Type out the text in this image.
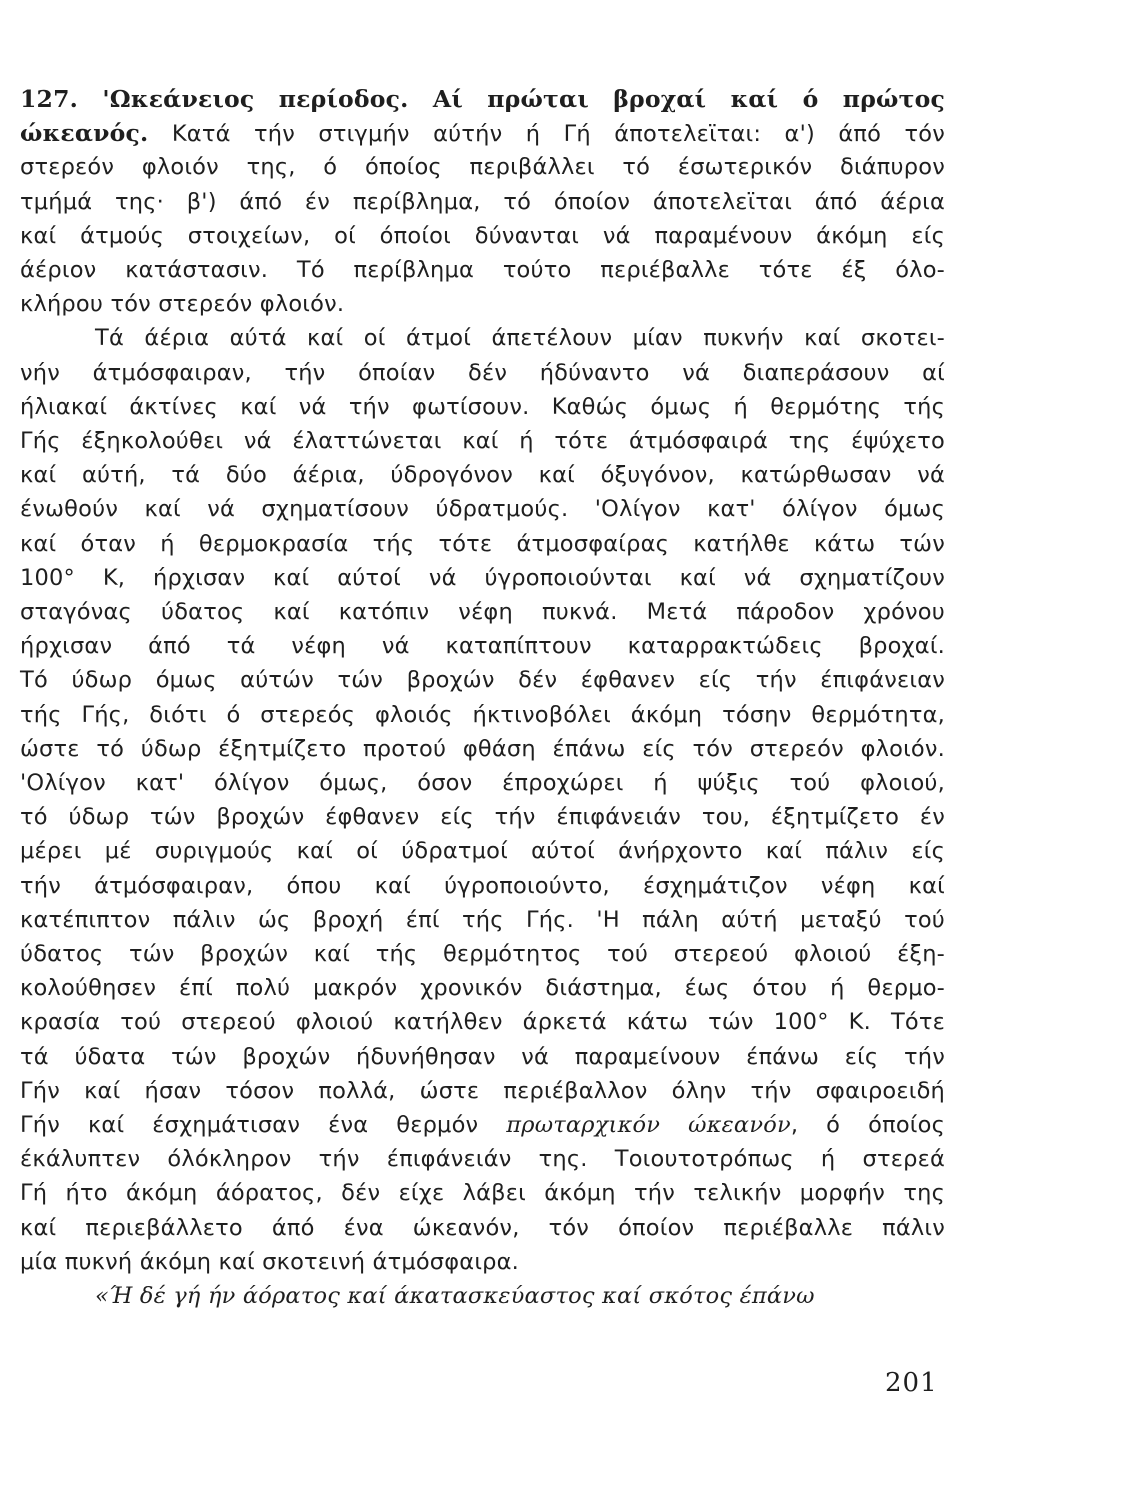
127. 'Ωκεάνειος περίοδος. Αί πρώται βροχαί καί ό πρώτος
ώκεανός. Κατά τήν στιγμήν αύτήν ή Γή άποτελεϊται: α') άπό τόν
στερεόν φλοιόν της, ό όποίος περιβάλλει τό έσωτερικόν διάπυρον
τμήμά της· β') άπό έν περίβλημα, τό όποίον άποτελεϊται άπό άέρια
καί άτμούς στοιχείων, οί όποίοι δύνανται νά παραμένουν άκόμη είς
άέριον κατάστασιν. Τό περίβλημα τούτο περιέβαλλε τότε έξ όλο-
κλήρου τόν στερεόν φλοιόν.
Τά άέρια αύτά καί οί άτμοί άπετέλουν μίαν πυκνήν καί σκοτει-
νήν άτμόσφαιραν, τήν όποίαν δέν ήδύναντο νά διαπεράσουν αί
ήλιακαί άκτίνες καί νά τήν φωτίσουν. Καθώς όμως ή θερμότης τής
Γής έξηκολούθει νά έλαττώνεται καί ή τότε άτμόσφαιρά της έψύχετο
καί αύτή, τά δύο άέρια, ύδρογόνον καί όξυγόνον, κατώρθωσαν νά
ένωθούν καί νά σχηματίσουν ύδρατμούς. 'Ολίγον κατ' όλίγον όμως
καί όταν ή θερμοκρασία τής τότε άτμοσφαίρας κατήλθε κάτω τών
100° Κ, ήρχισαν καί αύτοί νά ύγροποιούνται καί νά σχηματίζουν
σταγόνας ύδατος καί κατόπιν νέφη πυκνά. Μετά πάροδον χρόνου
ήρχισαν άπό τά νέφη νά καταπίπτουν καταρρακτώδεις βροχαί.
Τό ύδωρ όμως αύτών τών βροχών δέν έφθανεν είς τήν έπιφάνειαν
τής Γής, διότι ό στερεός φλοιός ήκτινοβόλει άκόμη τόσην θερμότητα,
ώστε τό ύδωρ έξητμίζετο προτού φθάση έπάνω είς τόν στερεόν φλοιόν.
'Ολίγον κατ' όλίγον όμως, όσον έπροχώρει ή ψύξις τού φλοιού,
τό ύδωρ τών βροχών έφθανεν είς τήν έπιφάνειάν του, έξητμίζετο έν
μέρει μέ συριγμούς καί οί ύδρατμοί αύτοί άνήρχοντο καί πάλιν είς
τήν άτμόσφαιραν, όπου καί ύγροποιούντο, έσχημάτιζον νέφη καί
κατέπιπτον πάλιν ώς βροχή έπί τής Γής. 'Η πάλη αύτή μεταξύ τού
ύδατος τών βροχών καί τής θερμότητος τού στερεού φλοιού έξη-
κολούθησεν έπί πολύ μακρόν χρονικόν διάστημα, έως ότου ή θερμο-
κρασία τού στερεού φλοιού κατήλθεν άρκετά κάτω τών 100° Κ. Τότε
τά ύδατα τών βροχών ήδυνήθησαν νά παραμείνουν έπάνω είς τήν
Γήν καί ήσαν τόσον πολλά, ώστε περιέβαλλον όλην τήν σφαιροειδή
Γήν καί έσχημάτισαν ένα θερμόν πρωταρχικόν ώκεανόν, ό όποίος
έκάλυπτεν όλόκληρον τήν έπιφάνειάν της. Τοιουτοτρόπως ή στερεά
Γή ήτο άκόμη άόρατος, δέν είχε λάβει άκόμη τήν τελικήν μορφήν της
καί περιεβάλλετο άπό ένα ώκεανόν, τόν όποίον περιέβαλλε πάλιν
μία πυκνή άκόμη καί σκοτεινή άτμόσφαιρα.
«Ή δέ γή ήν άόρατος καί άκατασκεύαστος καί σκότος έπάνω
201
